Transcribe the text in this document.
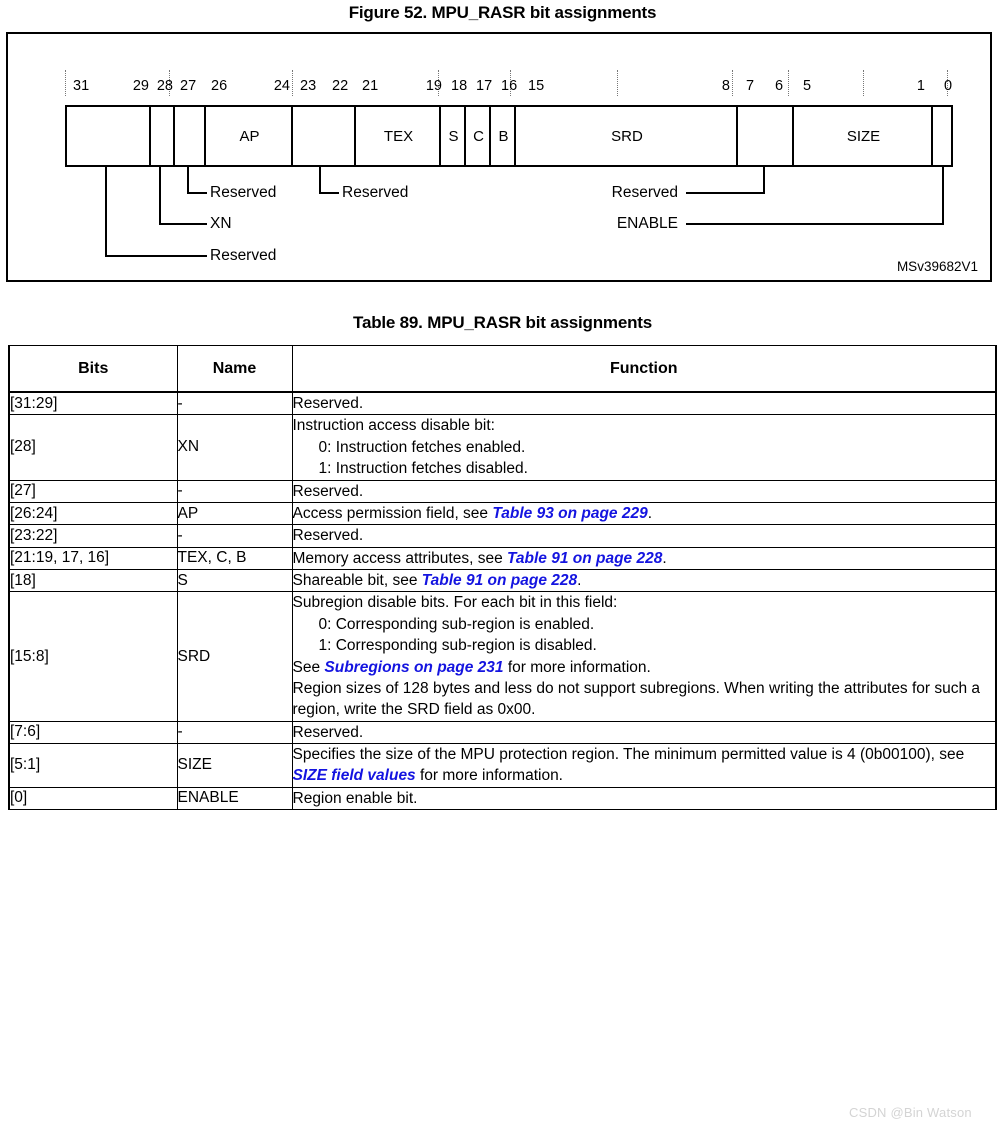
Figure 52. MPU_RASR bit assignments
31	29 28 27 26	24 23 22 21	19 18 17 16 15	8 7 6 5	1 0
AP	TEX	S C B	SRD	SIZE
Reserved
XN
Reserved	Reserved	Reserved
ENABLE
MSv39682V1
Table 89. MPU_RASR bit assignments
Bits	Name	Function
[31:29]	-	Reserved.

[28]	XN	Instruction access disable bit:
0: Instruction fetches enabled.
1: Instruction fetches disabled.

[27]	-	Reserved.

[26:24]	AP	Access permission field, see Table 93 on page 229.

[23:22]	-	Reserved.

[21:19, 17, 16]	TEX, C, B	Memory access attributes, see Table 91 on page 228.

[18]	S	Shareable bit, see Table 91 on page 228.

[15:8]	SRD	Subregion disable bits. For each bit in this field:
0: Corresponding sub-region is enabled.
1: Corresponding sub-region is disabled.
See Subregions on page 231 for more information.
Region sizes of 128 bytes and less do not support subregions. When writing the attributes for such a region, write the SRD field as 0x00.

[7:6]	-	Reserved.

[5:1]	SIZE	Specifies the size of the MPU protection region. The minimum permitted value is 4 (0b00100), see SIZE field values for more information.

[0]	ENABLE	Region enable bit.
CSDN @Bin Watson
